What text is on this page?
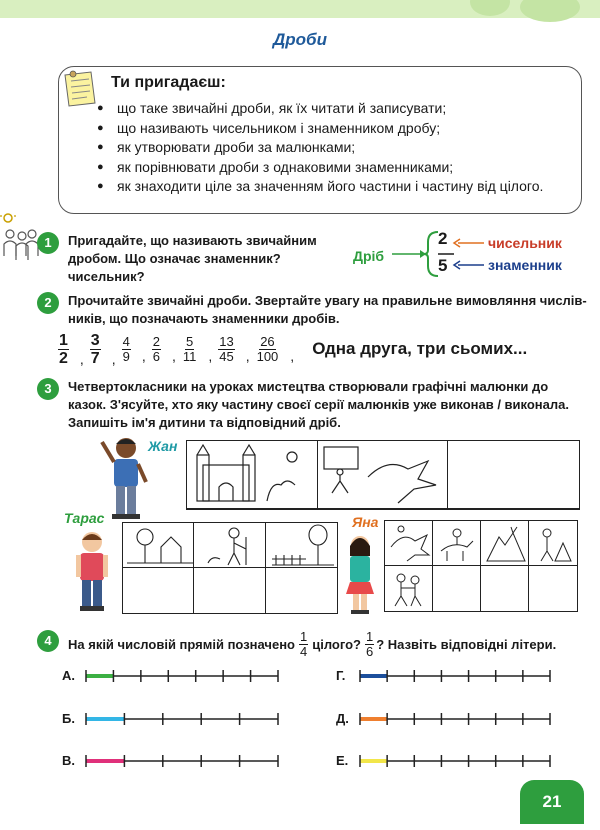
Дроби
Ти пригадаєш:
● що таке звичайні дроби, як їх читати й записувати;
● що називають чисельником і знаменником дробу;
● як утворювати дроби за малюнками;
● як порівнювати дроби з однаковими знаменниками;
● як знаходити ціле за значенням його частини і частину від цілого.
1	Пригадайте, що називають звичайним
дробом. Що означає знаменник?
чисельник?
Дріб
2
5
чисельник
знаменник
2	Прочитайте звичайні дроби. Звертайте увагу на правильне вимовляння числів-
ників, що позначають знаменники дробів.
$\frac{1}{2}$ , $\frac{3}{7}$ , $\frac{4}{9}$ , $\frac{2}{6}$ , $\frac{5}{11}$ , $\frac{13}{45}$ , $\frac{26}{100}$ , Одна друга, три сьомих...
3	Четвертокласники на уроках мистецтва створювали графічні малюнки до
казок. З'ясуйте, хто яку частину своєї серії малюнків уже виконав / виконала.
Запишіть ім'я дитини та відповідний дріб.
Жан
Тарас	Яна
4	На якій числовій прямій позначено $\frac{1}{4}$ цілого? $\frac{1}{6}$ ? Назвіть відповідні літери.
А.
Б.
В.
Г.
Д.
Е.
21
